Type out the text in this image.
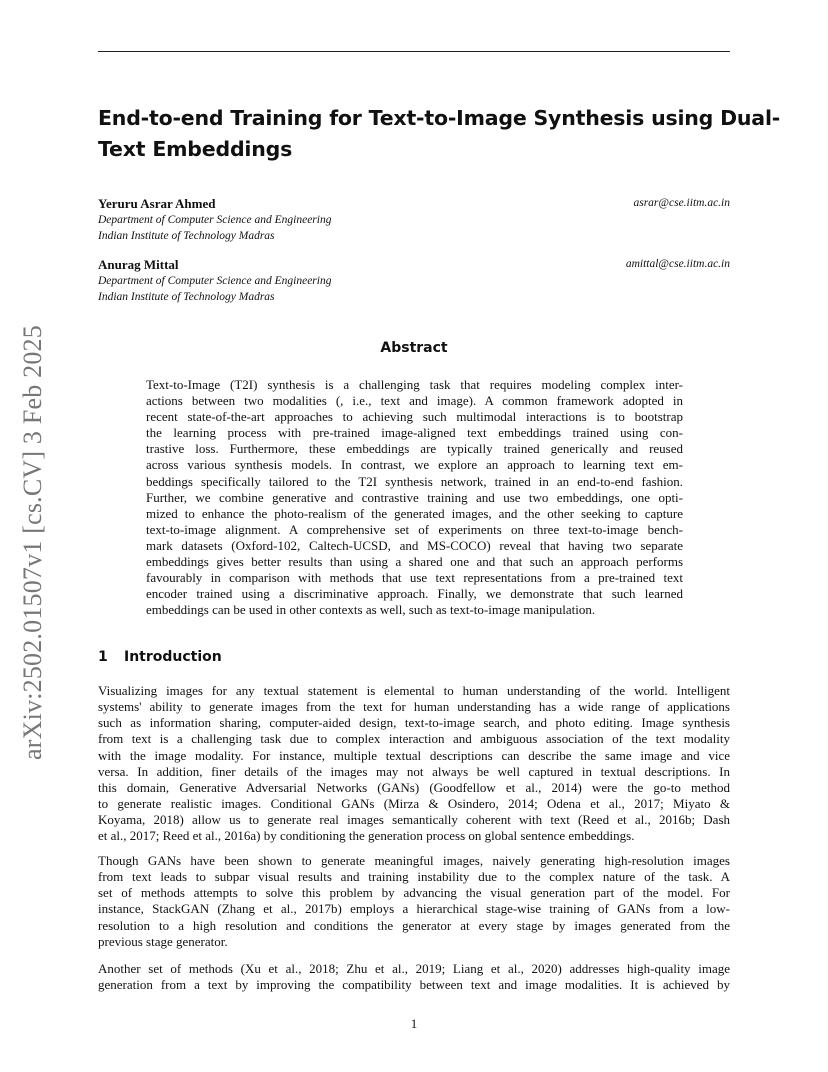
End-to-end Training for Text-to-Image Synthesis using Dual-
Text Embeddings
Yeruru Asrar Ahmed	asrar@cse.iitm.ac.in
Department of Computer Science and Engineering
Indian Institute of Technology Madras
Anurag Mittal	amittal@cse.iitm.ac.in
Department of Computer Science and Engineering
Indian Institute of Technology Madras
Abstract
Text-to-Image (T2I) synthesis is a challenging task that requires modeling complex inter-
actions between two modalities (, i.e., text and image). A common framework adopted in
recent state-of-the-art approaches to achieving such multimodal interactions is to bootstrap
the learning process with pre-trained image-aligned text embeddings trained using con-
trastive loss. Furthermore, these embeddings are typically trained generically and reused
across various synthesis models. In contrast, we explore an approach to learning text em-
beddings specifically tailored to the T2I synthesis network, trained in an end-to-end fashion.
Further, we combine generative and contrastive training and use two embeddings, one opti-
mized to enhance the photo-realism of the generated images, and the other seeking to capture
text-to-image alignment. A comprehensive set of experiments on three text-to-image bench-
mark datasets (Oxford-102, Caltech-UCSD, and MS-COCO) reveal that having two separate
embeddings gives better results than using a shared one and that such an approach performs
favourably in comparison with methods that use text representations from a pre-trained text
encoder trained using a discriminative approach. Finally, we demonstrate that such learned
embeddings can be used in other contexts as well, such as text-to-image manipulation.
1 Introduction
Visualizing images for any textual statement is elemental to human understanding of the world. Intelligent
systems' ability to generate images from the text for human understanding has a wide range of applications
such as information sharing, computer-aided design, text-to-image search, and photo editing. Image synthesis
from text is a challenging task due to complex interaction and ambiguous association of the text modality
with the image modality. For instance, multiple textual descriptions can describe the same image and vice
versa. In addition, finer details of the images may not always be well captured in textual descriptions. In
this domain, Generative Adversarial Networks (GANs) (Goodfellow et al., 2014) were the go-to method
to generate realistic images. Conditional GANs (Mirza & Osindero, 2014; Odena et al., 2017; Miyato &
Koyama, 2018) allow us to generate real images semantically coherent with text (Reed et al., 2016b; Dash
et al., 2017; Reed et al., 2016a) by conditioning the generation process on global sentence embeddings.
Though GANs have been shown to generate meaningful images, naively generating high-resolution images
from text leads to subpar visual results and training instability due to the complex nature of the task. A
set of methods attempts to solve this problem by advancing the visual generation part of the model. For
instance, StackGAN (Zhang et al., 2017b) employs a hierarchical stage-wise training of GANs from a low-
resolution to a high resolution and conditions the generator at every stage by images generated from the
previous stage generator.
Another set of methods (Xu et al., 2018; Zhu et al., 2019; Liang et al., 2020) addresses high-quality image
generation from a text by improving the compatibility between text and image modalities. It is achieved by
arXiv:2502.01507v1 [cs.CV] 3 Feb 2025
1
